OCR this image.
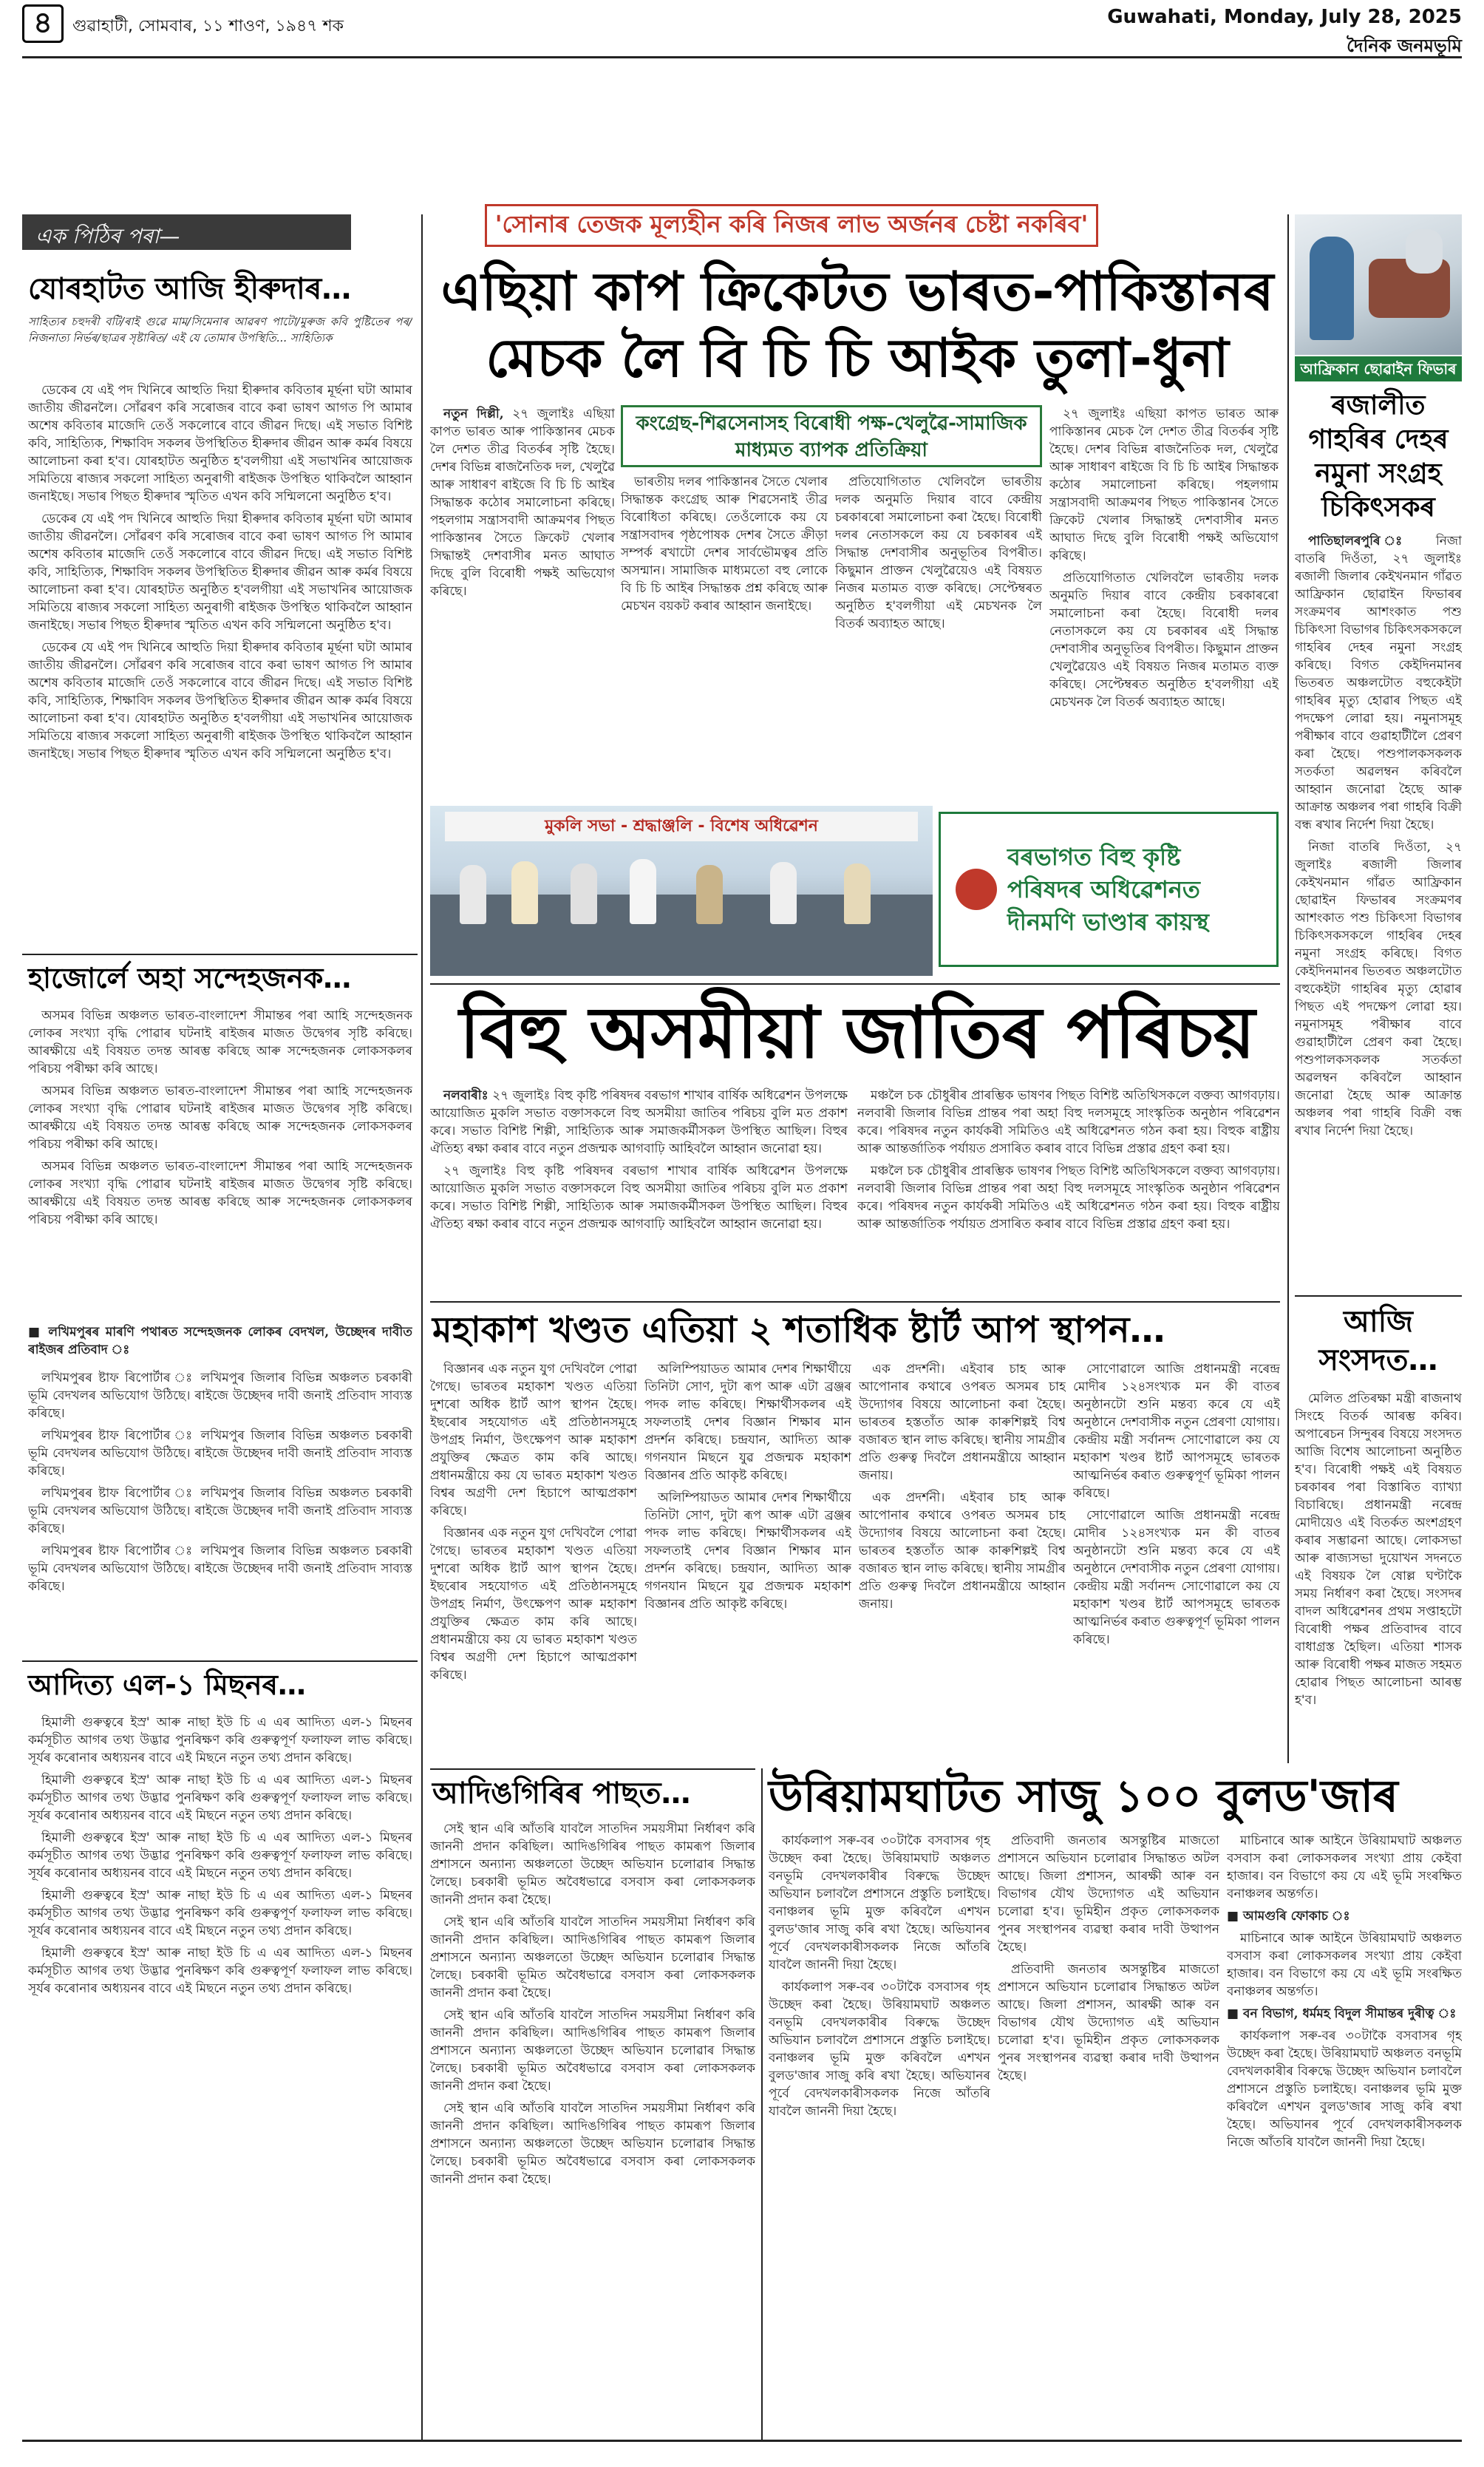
৪	গুৱাহাটী, সোমবাৰ, ১১ শাওণ, ১৯৪৭ শক	Guwahati, Monday, July 28, 2025
দৈনিক জনমভূমি
এক পিঠিৰ পৰা—
যোৰহাটত আজি হীৰুদাৰ…
সাহিত্যৰ চহুদৰী বটি/ৰাই গুৱে মাম/সিমেনাৰ আৱৰণ পাটো/মুৰুজ কবি পুষ্টিতেৰ পৰ/নিজনাত্য নিৰ্ভৰ/ছাত্ৰৰ সৃষ্টাৰিত/ এই যে তোমাৰ উপস্থিতি... সাহিত্যিক

ডেকেৰ যে এই পদ খিনিৰে আহুতি দিয়া হীৰুদাৰ কবিতাৰ মূৰ্ছনা ঘটা আমাৰ জাতীয় জীৱনলৈ। সোঁৱৰণ কৰি সৰোজৰ বাবে কৰা ভাষণ আগত পি আমাৰ অশেষ কবিতাৰ মাজেদি তেওঁ সকলোৰে বাবে জীৱন দিছে। এই সভাত বিশিষ্ট কবি, সাহিত্যিক, শিক্ষাবিদ সকলৰ উপস্থিতিত হীৰুদাৰ জীৱন আৰু কৰ্মৰ বিষয়ে আলোচনা কৰা হ'ব। যোৰহাটত অনুষ্ঠিত হ'বলগীয়া এই সভাখনিৰ আয়োজক সমিতিয়ে ৰাজ্যৰ সকলো সাহিত্য অনুৰাগী ৰাইজক উপস্থিত থাকিবলৈ আহ্বান জনাইছে। সভাৰ পিছত হীৰুদাৰ স্মৃতিত এখন কবি সন্মিলনো অনুষ্ঠিত হ'ব।

ডেকেৰ যে এই পদ খিনিৰে আহুতি দিয়া হীৰুদাৰ কবিতাৰ মূৰ্ছনা ঘটা আমাৰ জাতীয় জীৱনলৈ। সোঁৱৰণ কৰি সৰোজৰ বাবে কৰা ভাষণ আগত পি আমাৰ অশেষ কবিতাৰ মাজেদি তেওঁ সকলোৰে বাবে জীৱন দিছে। এই সভাত বিশিষ্ট কবি, সাহিত্যিক, শিক্ষাবিদ সকলৰ উপস্থিতিত হীৰুদাৰ জীৱন আৰু কৰ্মৰ বিষয়ে আলোচনা কৰা হ'ব। যোৰহাটত অনুষ্ঠিত হ'বলগীয়া এই সভাখনিৰ আয়োজক সমিতিয়ে ৰাজ্যৰ সকলো সাহিত্য অনুৰাগী ৰাইজক উপস্থিত থাকিবলৈ আহ্বান জনাইছে। সভাৰ পিছত হীৰুদাৰ স্মৃতিত এখন কবি সন্মিলনো অনুষ্ঠিত হ'ব।

ডেকেৰ যে এই পদ খিনিৰে আহুতি দিয়া হীৰুদাৰ কবিতাৰ মূৰ্ছনা ঘটা আমাৰ জাতীয় জীৱনলৈ। সোঁৱৰণ কৰি সৰোজৰ বাবে কৰা ভাষণ আগত পি আমাৰ অশেষ কবিতাৰ মাজেদি তেওঁ সকলোৰে বাবে জীৱন দিছে। এই সভাত বিশিষ্ট কবি, সাহিত্যিক, শিক্ষাবিদ সকলৰ উপস্থিতিত হীৰুদাৰ জীৱন আৰু কৰ্মৰ বিষয়ে আলোচনা কৰা হ'ব। যোৰহাটত অনুষ্ঠিত হ'বলগীয়া এই সভাখনিৰ আয়োজক সমিতিয়ে ৰাজ্যৰ সকলো সাহিত্য অনুৰাগী ৰাইজক উপস্থিত থাকিবলৈ আহ্বান জনাইছে। সভাৰ পিছত হীৰুদাৰ স্মৃতিত এখন কবি সন্মিলনো অনুষ্ঠিত হ'ব।

হাজোৰ্লে অহা সন্দেহজনক…

অসমৰ বিভিন্ন অঞ্চলত ভাৰত-বাংলাদেশ সীমান্তৰ পৰা আহি সন্দেহজনক লোকৰ সংখ্যা বৃদ্ধি পোৱাৰ ঘটনাই ৰাইজৰ মাজত উদ্বেগৰ সৃষ্টি কৰিছে। আৰক্ষীয়ে এই বিষয়ত তদন্ত আৰম্ভ কৰিছে আৰু সন্দেহজনক লোকসকলৰ পৰিচয় পৰীক্ষা কৰি আছে।

অসমৰ বিভিন্ন অঞ্চলত ভাৰত-বাংলাদেশ সীমান্তৰ পৰা আহি সন্দেহজনক লোকৰ সংখ্যা বৃদ্ধি পোৱাৰ ঘটনাই ৰাইজৰ মাজত উদ্বেগৰ সৃষ্টি কৰিছে। আৰক্ষীয়ে এই বিষয়ত তদন্ত আৰম্ভ কৰিছে আৰু সন্দেহজনক লোকসকলৰ পৰিচয় পৰীক্ষা কৰি আছে।

অসমৰ বিভিন্ন অঞ্চলত ভাৰত-বাংলাদেশ সীমান্তৰ পৰা আহি সন্দেহজনক লোকৰ সংখ্যা বৃদ্ধি পোৱাৰ ঘটনাই ৰাইজৰ মাজত উদ্বেগৰ সৃষ্টি কৰিছে। আৰক্ষীয়ে এই বিষয়ত তদন্ত আৰম্ভ কৰিছে আৰু সন্দেহজনক লোকসকলৰ পৰিচয় পৰীক্ষা কৰি আছে।

■ লখিমপুৰৰ মাৰণি পথাৰত সন্দেহজনক লোকৰ বেদখল, উচ্ছেদৰ দাবীত ৰাইজৰ প্ৰতিবাদ ঃ

লখিমপুৰৰ ষ্টাফ ৰিপোৰ্টাৰ ঃ লখিমপুৰ জিলাৰ বিভিন্ন অঞ্চলত চৰকাৰী ভূমি বেদখলৰ অভিযোগ উঠিছে। ৰাইজে উচ্ছেদৰ দাবী জনাই প্ৰতিবাদ সাব্যস্ত কৰিছে।

লখিমপুৰৰ ষ্টাফ ৰিপোৰ্টাৰ ঃ লখিমপুৰ জিলাৰ বিভিন্ন অঞ্চলত চৰকাৰী ভূমি বেদখলৰ অভিযোগ উঠিছে। ৰাইজে উচ্ছেদৰ দাবী জনাই প্ৰতিবাদ সাব্যস্ত কৰিছে।

লখিমপুৰৰ ষ্টাফ ৰিপোৰ্টাৰ ঃ লখিমপুৰ জিলাৰ বিভিন্ন অঞ্চলত চৰকাৰী ভূমি বেদখলৰ অভিযোগ উঠিছে। ৰাইজে উচ্ছেদৰ দাবী জনাই প্ৰতিবাদ সাব্যস্ত কৰিছে।

লখিমপুৰৰ ষ্টাফ ৰিপোৰ্টাৰ ঃ লখিমপুৰ জিলাৰ বিভিন্ন অঞ্চলত চৰকাৰী ভূমি বেদখলৰ অভিযোগ উঠিছে। ৰাইজে উচ্ছেদৰ দাবী জনাই প্ৰতিবাদ সাব্যস্ত কৰিছে।

আদিত্য এল-১ মিছনৰ…

হিমালী গুৰুত্বৰে ইস্ৰ' আৰু নাছা ইউ চি এ এৰ আদিত্য এল-১ মিছনৰ কৰ্মসূচীত আগৰ তথ্য উদ্ভাৱ পুনৰিক্ষণ কৰি গুৰুত্বপূৰ্ণ ফলাফল লাভ কৰিছে। সূৰ্যৰ কৰোনাৰ অধ্যয়নৰ বাবে এই মিছনে নতুন তথ্য প্ৰদান কৰিছে।

হিমালী গুৰুত্বৰে ইস্ৰ' আৰু নাছা ইউ চি এ এৰ আদিত্য এল-১ মিছনৰ কৰ্মসূচীত আগৰ তথ্য উদ্ভাৱ পুনৰিক্ষণ কৰি গুৰুত্বপূৰ্ণ ফলাফল লাভ কৰিছে। সূৰ্যৰ কৰোনাৰ অধ্যয়নৰ বাবে এই মিছনে নতুন তথ্য প্ৰদান কৰিছে।

হিমালী গুৰুত্বৰে ইস্ৰ' আৰু নাছা ইউ চি এ এৰ আদিত্য এল-১ মিছনৰ কৰ্মসূচীত আগৰ তথ্য উদ্ভাৱ পুনৰিক্ষণ কৰি গুৰুত্বপূৰ্ণ ফলাফল লাভ কৰিছে। সূৰ্যৰ কৰোনাৰ অধ্যয়নৰ বাবে এই মিছনে নতুন তথ্য প্ৰদান কৰিছে।

হিমালী গুৰুত্বৰে ইস্ৰ' আৰু নাছা ইউ চি এ এৰ আদিত্য এল-১ মিছনৰ কৰ্মসূচীত আগৰ তথ্য উদ্ভাৱ পুনৰিক্ষণ কৰি গুৰুত্বপূৰ্ণ ফলাফল লাভ কৰিছে। সূৰ্যৰ কৰোনাৰ অধ্যয়নৰ বাবে এই মিছনে নতুন তথ্য প্ৰদান কৰিছে।

হিমালী গুৰুত্বৰে ইস্ৰ' আৰু নাছা ইউ চি এ এৰ আদিত্য এল-১ মিছনৰ কৰ্মসূচীত আগৰ তথ্য উদ্ভাৱ পুনৰিক্ষণ কৰি গুৰুত্বপূৰ্ণ ফলাফল লাভ কৰিছে। সূৰ্যৰ কৰোনাৰ অধ্যয়নৰ বাবে এই মিছনে নতুন তথ্য প্ৰদান কৰিছে।

'সোনাৰ তেজক মূল্যহীন কৰি নিজৰ লাভ অৰ্জনৰ চেষ্টা নকৰিব'
এছিয়া কাপ ক্ৰিকেটত ভাৰত-পাকিস্তানৰ
মেচক লৈ বি চি চি আইক তুলা-ধুনা

নতুন দিল্লী, ২৭ জুলাইঃ এছিয়া কাপত ভাৰত আৰু পাকিস্তানৰ মেচক লৈ দেশত তীব্ৰ বিতৰ্কৰ সৃষ্টি হৈছে। দেশৰ বিভিন্ন ৰাজনৈতিক দল, খেলুৱৈ আৰু সাধাৰণ ৰাইজে বি চি চি আইৰ সিদ্ধান্তক কঠোৰ সমালোচনা কৰিছে। পহলগাম সন্ত্ৰাসবাদী আক্ৰমণৰ পিছত পাকিস্তানৰ সৈতে ক্ৰিকেট খেলাৰ সিদ্ধান্তই দেশবাসীৰ মনত আঘাত দিছে বুলি বিৰোধী পক্ষই অভিযোগ কৰিছে।

কংগ্ৰেছ-শিৱসেনাসহ বিৰোধী পক্ষ-খেলুৱৈ-সামাজিক মাধ্যমত ব্যাপক প্ৰতিক্ৰিয়া

ভাৰতীয় দলৰ পাকিস্তানৰ সৈতে খেলাৰ সিদ্ধান্তক কংগ্ৰেছ আৰু শিৱসেনাই তীব্ৰ বিৰোধিতা কৰিছে। তেওঁলোকে কয় যে সন্ত্ৰাসবাদৰ পৃষ্ঠপোষক দেশৰ সৈতে ক্ৰীড়া সম্পৰ্ক ৰখাটো দেশৰ সাৰ্বভৌমত্বৰ প্ৰতি অসন্মান। সামাজিক মাধ্যমতো বহু লোকে বি চি চি আইৰ সিদ্ধান্তক প্ৰশ্ন কৰিছে আৰু মেচখন বয়কট কৰাৰ আহ্বান জনাইছে।

প্ৰতিযোগিতাত খেলিবলৈ ভাৰতীয় দলক অনুমতি দিয়াৰ বাবে কেন্দ্ৰীয় চৰকাৰৰো সমালোচনা কৰা হৈছে। বিৰোধী দলৰ নেতাসকলে কয় যে চৰকাৰৰ এই সিদ্ধান্ত দেশবাসীৰ অনুভূতিৰ বিপৰীত। কিছুমান প্ৰাক্তন খেলুৱৈয়েও এই বিষয়ত নিজৰ মতামত ব্যক্ত কৰিছে। সেপ্টেম্বৰত অনুষ্ঠিত হ'বলগীয়া এই মেচখনক লৈ বিতৰ্ক অব্যাহত আছে।

২৭ জুলাইঃ এছিয়া কাপত ভাৰত আৰু পাকিস্তানৰ মেচক লৈ দেশত তীব্ৰ বিতৰ্কৰ সৃষ্টি হৈছে। দেশৰ বিভিন্ন ৰাজনৈতিক দল, খেলুৱৈ আৰু সাধাৰণ ৰাইজে বি চি চি আইৰ সিদ্ধান্তক কঠোৰ সমালোচনা কৰিছে। পহলগাম সন্ত্ৰাসবাদী আক্ৰমণৰ পিছত পাকিস্তানৰ সৈতে ক্ৰিকেট খেলাৰ সিদ্ধান্তই দেশবাসীৰ মনত আঘাত দিছে বুলি বিৰোধী পক্ষই অভিযোগ কৰিছে।

প্ৰতিযোগিতাত খেলিবলৈ ভাৰতীয় দলক অনুমতি দিয়াৰ বাবে কেন্দ্ৰীয় চৰকাৰৰো সমালোচনা কৰা হৈছে। বিৰোধী দলৰ নেতাসকলে কয় যে চৰকাৰৰ এই সিদ্ধান্ত দেশবাসীৰ অনুভূতিৰ বিপৰীত। কিছুমান প্ৰাক্তন খেলুৱৈয়েও এই বিষয়ত নিজৰ মতামত ব্যক্ত কৰিছে। সেপ্টেম্বৰত অনুষ্ঠিত হ'বলগীয়া এই মেচখনক লৈ বিতৰ্ক অব্যাহত আছে।

মুকলি সভা - শ্ৰদ্ধাঞ্জলি - বিশেষ অধিৱেশন
বৰভাগত বিহু কৃষ্টি পৰিষদৰ অধিৱেশনত দীনমণি ভাণ্ডাৰ কায়স্থ
বিহু অসমীয়া জাতিৰ পৰিচয়

নলবাৰীঃ ২৭ জুলাইঃ বিহু কৃষ্টি পৰিষদৰ বৰভাগ শাখাৰ বাৰ্ষিক অধিৱেশন উপলক্ষে আয়োজিত মুকলি সভাত বক্তাসকলে বিহু অসমীয়া জাতিৰ পৰিচয় বুলি মত প্ৰকাশ কৰে। সভাত বিশিষ্ট শিল্পী, সাহিত্যিক আৰু সমাজকৰ্মীসকল উপস্থিত আছিল। বিহুৰ ঐতিহ্য ৰক্ষা কৰাৰ বাবে নতুন প্ৰজন্মক আগবাঢ়ি আহিবলৈ আহ্বান জনোৱা হয়।

২৭ জুলাইঃ বিহু কৃষ্টি পৰিষদৰ বৰভাগ শাখাৰ বাৰ্ষিক অধিৱেশন উপলক্ষে আয়োজিত মুকলি সভাত বক্তাসকলে বিহু অসমীয়া জাতিৰ পৰিচয় বুলি মত প্ৰকাশ কৰে। সভাত বিশিষ্ট শিল্পী, সাহিত্যিক আৰু সমাজকৰ্মীসকল উপস্থিত আছিল। বিহুৰ ঐতিহ্য ৰক্ষা কৰাৰ বাবে নতুন প্ৰজন্মক আগবাঢ়ি আহিবলৈ আহ্বান জনোৱা হয়।

মঞ্চলৈ চক চৌধুৰীৰ প্ৰাৰম্ভিক ভাষণৰ পিছত বিশিষ্ট অতিথিসকলে বক্তব্য আগবঢ়ায়। নলবাৰী জিলাৰ বিভিন্ন প্ৰান্তৰ পৰা অহা বিহু দলসমূহে সাংস্কৃতিক অনুষ্ঠান পৰিৱেশন কৰে। পৰিষদৰ নতুন কাৰ্যকৰী সমিতিও এই অধিৱেশনত গঠন কৰা হয়। বিহুক ৰাষ্ট্ৰীয় আৰু আন্তৰ্জাতিক পৰ্যায়ত প্ৰসাৰিত কৰাৰ বাবে বিভিন্ন প্ৰস্তাৱ গ্ৰহণ কৰা হয়।

মঞ্চলৈ চক চৌধুৰীৰ প্ৰাৰম্ভিক ভাষণৰ পিছত বিশিষ্ট অতিথিসকলে বক্তব্য আগবঢ়ায়। নলবাৰী জিলাৰ বিভিন্ন প্ৰান্তৰ পৰা অহা বিহু দলসমূহে সাংস্কৃতিক অনুষ্ঠান পৰিৱেশন কৰে। পৰিষদৰ নতুন কাৰ্যকৰী সমিতিও এই অধিৱেশনত গঠন কৰা হয়। বিহুক ৰাষ্ট্ৰীয় আৰু আন্তৰ্জাতিক পৰ্যায়ত প্ৰসাৰিত কৰাৰ বাবে বিভিন্ন প্ৰস্তাৱ গ্ৰহণ কৰা হয়।

মহাকাশ খণ্ডত এতিয়া ২ শতাধিক ষ্টাৰ্ট আপ স্থাপন…

বিজ্ঞানৰ এক নতুন যুগ দেখিবলৈ পোৱা গৈছে। ভাৰতৰ মহাকাশ খণ্ডত এতিয়া দুশৰো অধিক ষ্টাৰ্ট আপ স্থাপন হৈছে। ইছৰোৰ সহযোগত এই প্ৰতিষ্ঠানসমূহে উপগ্ৰহ নিৰ্মাণ, উৎক্ষেপণ আৰু মহাকাশ প্ৰযুক্তিৰ ক্ষেত্ৰত কাম কৰি আছে। প্ৰধানমন্ত্ৰীয়ে কয় যে ভাৰত মহাকাশ খণ্ডত বিশ্বৰ অগ্ৰণী দেশ হিচাপে আত্মপ্ৰকাশ কৰিছে।

বিজ্ঞানৰ এক নতুন যুগ দেখিবলৈ পোৱা গৈছে। ভাৰতৰ মহাকাশ খণ্ডত এতিয়া দুশৰো অধিক ষ্টাৰ্ট আপ স্থাপন হৈছে। ইছৰোৰ সহযোগত এই প্ৰতিষ্ঠানসমূহে উপগ্ৰহ নিৰ্মাণ, উৎক্ষেপণ আৰু মহাকাশ প্ৰযুক্তিৰ ক্ষেত্ৰত কাম কৰি আছে। প্ৰধানমন্ত্ৰীয়ে কয় যে ভাৰত মহাকাশ খণ্ডত বিশ্বৰ অগ্ৰণী দেশ হিচাপে আত্মপ্ৰকাশ কৰিছে।

অলিম্পিয়াডত আমাৰ দেশৰ শিক্ষাৰ্থীয়ে তিনিটা সোণ, দুটা ৰূপ আৰু এটা ব্ৰঞ্জৰ পদক লাভ কৰিছে। শিক্ষাৰ্থীসকলৰ এই সফলতাই দেশৰ বিজ্ঞান শিক্ষাৰ মান প্ৰদৰ্শন কৰিছে। চন্দ্ৰযান, আদিত্য আৰু গগনযান মিছনে যুৱ প্ৰজন্মক মহাকাশ বিজ্ঞানৰ প্ৰতি আকৃষ্ট কৰিছে।

অলিম্পিয়াডত আমাৰ দেশৰ শিক্ষাৰ্থীয়ে তিনিটা সোণ, দুটা ৰূপ আৰু এটা ব্ৰঞ্জৰ পদক লাভ কৰিছে। শিক্ষাৰ্থীসকলৰ এই সফলতাই দেশৰ বিজ্ঞান শিক্ষাৰ মান প্ৰদৰ্শন কৰিছে। চন্দ্ৰযান, আদিত্য আৰু গগনযান মিছনে যুৱ প্ৰজন্মক মহাকাশ বিজ্ঞানৰ প্ৰতি আকৃষ্ট কৰিছে।

এক প্ৰদৰ্শনী। এইবাৰ চাহ আৰু আপোনাৰ কথাৰে ওপৰত অসমৰ চাহ উদ্যোগৰ বিষয়ে আলোচনা কৰা হৈছে। ভাৰতৰ হস্ততাঁত আৰু কাৰুশিল্পই বিশ্ব বজাৰত স্থান লাভ কৰিছে। স্থানীয় সামগ্ৰীৰ প্ৰতি গুৰুত্ব দিবলৈ প্ৰধানমন্ত্ৰীয়ে আহ্বান জনায়।

এক প্ৰদৰ্শনী। এইবাৰ চাহ আৰু আপোনাৰ কথাৰে ওপৰত অসমৰ চাহ উদ্যোগৰ বিষয়ে আলোচনা কৰা হৈছে। ভাৰতৰ হস্ততাঁত আৰু কাৰুশিল্পই বিশ্ব বজাৰত স্থান লাভ কৰিছে। স্থানীয় সামগ্ৰীৰ প্ৰতি গুৰুত্ব দিবলৈ প্ৰধানমন্ত্ৰীয়ে আহ্বান জনায়।

সোণোৱালে আজি প্ৰধানমন্ত্ৰী নৰেন্দ্ৰ মোদীৰ ১২৪সংখ্যক মন কী বাতৰ অনুষ্ঠানটো শুনি মন্তব্য কৰে যে এই অনুষ্ঠানে দেশবাসীক নতুন প্ৰেৰণা যোগায়। কেন্দ্ৰীয় মন্ত্ৰী সৰ্বানন্দ সোণোৱালে কয় যে মহাকাশ খণ্ডৰ ষ্টাৰ্ট আপসমূহে ভাৰতক আত্মনিৰ্ভৰ কৰাত গুৰুত্বপূৰ্ণ ভূমিকা পালন কৰিছে।

সোণোৱালে আজি প্ৰধানমন্ত্ৰী নৰেন্দ্ৰ মোদীৰ ১২৪সংখ্যক মন কী বাতৰ অনুষ্ঠানটো শুনি মন্তব্য কৰে যে এই অনুষ্ঠানে দেশবাসীক নতুন প্ৰেৰণা যোগায়। কেন্দ্ৰীয় মন্ত্ৰী সৰ্বানন্দ সোণোৱালে কয় যে মহাকাশ খণ্ডৰ ষ্টাৰ্ট আপসমূহে ভাৰতক আত্মনিৰ্ভৰ কৰাত গুৰুত্বপূৰ্ণ ভূমিকা পালন কৰিছে।

আদিঙগিৰিৰ পাছত…

সেই স্থান এৰি আঁতৰি যাবলৈ সাতদিন সময়সীমা নিৰ্ধাৰণ কৰি জাননী প্ৰদান কৰিছিল। আদিঙগিৰিৰ পাছত কামৰূপ জিলাৰ প্ৰশাসনে অন্যান্য অঞ্চলতো উচ্ছেদ অভিযান চলোৱাৰ সিদ্ধান্ত লৈছে। চৰকাৰী ভূমিত অবৈধভাৱে বসবাস কৰা লোকসকলক জাননী প্ৰদান কৰা হৈছে।

সেই স্থান এৰি আঁতৰি যাবলৈ সাতদিন সময়সীমা নিৰ্ধাৰণ কৰি জাননী প্ৰদান কৰিছিল। আদিঙগিৰিৰ পাছত কামৰূপ জিলাৰ প্ৰশাসনে অন্যান্য অঞ্চলতো উচ্ছেদ অভিযান চলোৱাৰ সিদ্ধান্ত লৈছে। চৰকাৰী ভূমিত অবৈধভাৱে বসবাস কৰা লোকসকলক জাননী প্ৰদান কৰা হৈছে।

সেই স্থান এৰি আঁতৰি যাবলৈ সাতদিন সময়সীমা নিৰ্ধাৰণ কৰি জাননী প্ৰদান কৰিছিল। আদিঙগিৰিৰ পাছত কামৰূপ জিলাৰ প্ৰশাসনে অন্যান্য অঞ্চলতো উচ্ছেদ অভিযান চলোৱাৰ সিদ্ধান্ত লৈছে। চৰকাৰী ভূমিত অবৈধভাৱে বসবাস কৰা লোকসকলক জাননী প্ৰদান কৰা হৈছে।

সেই স্থান এৰি আঁতৰি যাবলৈ সাতদিন সময়সীমা নিৰ্ধাৰণ কৰি জাননী প্ৰদান কৰিছিল। আদিঙগিৰিৰ পাছত কামৰূপ জিলাৰ প্ৰশাসনে অন্যান্য অঞ্চলতো উচ্ছেদ অভিযান চলোৱাৰ সিদ্ধান্ত লৈছে। চৰকাৰী ভূমিত অবৈধভাৱে বসবাস কৰা লোকসকলক জাননী প্ৰদান কৰা হৈছে।

উৰিয়ামঘাটত সাজু ১০০ বুলড'জাৰ

কাৰ্যকলাপ সৰু-বৰ ৩০টাকৈ বসবাসৰ গৃহ উচ্ছেদ কৰা হৈছে। উৰিয়ামঘাট অঞ্চলত বনভূমি বেদখলকাৰীৰ বিৰুদ্ধে উচ্ছেদ অভিযান চলাবলৈ প্ৰশাসনে প্ৰস্তুতি চলাইছে। বনাঞ্চলৰ ভূমি মুক্ত কৰিবলৈ এশখন বুলড'জাৰ সাজু কৰি ৰখা হৈছে। অভিযানৰ পূৰ্বে বেদখলকাৰীসকলক নিজে আঁতৰি যাবলৈ জাননী দিয়া হৈছে।

কাৰ্যকলাপ সৰু-বৰ ৩০টাকৈ বসবাসৰ গৃহ উচ্ছেদ কৰা হৈছে। উৰিয়ামঘাট অঞ্চলত বনভূমি বেদখলকাৰীৰ বিৰুদ্ধে উচ্ছেদ অভিযান চলাবলৈ প্ৰশাসনে প্ৰস্তুতি চলাইছে। বনাঞ্চলৰ ভূমি মুক্ত কৰিবলৈ এশখন বুলড'জাৰ সাজু কৰি ৰখা হৈছে। অভিযানৰ পূৰ্বে বেদখলকাৰীসকলক নিজে আঁতৰি যাবলৈ জাননী দিয়া হৈছে।

প্ৰতিবাদী জনতাৰ অসন্তুষ্টিৰ মাজতো প্ৰশাসনে অভিযান চলোৱাৰ সিদ্ধান্তত অটল আছে। জিলা প্ৰশাসন, আৰক্ষী আৰু বন বিভাগৰ যৌথ উদ্যোগত এই অভিযান চলোৱা হ'ব। ভূমিহীন প্ৰকৃত লোকসকলক পুনৰ সংস্থাপনৰ ব্যৱস্থা কৰাৰ দাবী উত্থাপন হৈছে।

প্ৰতিবাদী জনতাৰ অসন্তুষ্টিৰ মাজতো প্ৰশাসনে অভিযান চলোৱাৰ সিদ্ধান্তত অটল আছে। জিলা প্ৰশাসন, আৰক্ষী আৰু বন বিভাগৰ যৌথ উদ্যোগত এই অভিযান চলোৱা হ'ব। ভূমিহীন প্ৰকৃত লোকসকলক পুনৰ সংস্থাপনৰ ব্যৱস্থা কৰাৰ দাবী উত্থাপন হৈছে।

মাচিনাৰে আৰু আইনে উৰিয়ামঘাট অঞ্চলত বসবাস কৰা লোকসকলৰ সংখ্যা প্ৰায় কেইবা হাজাৰ। বন বিভাগে কয় যে এই ভূমি সংৰক্ষিত বনাঞ্চলৰ অন্তৰ্গত।

■ আমগুৰি ফোকাচ ঃ

মাচিনাৰে আৰু আইনে উৰিয়ামঘাট অঞ্চলত বসবাস কৰা লোকসকলৰ সংখ্যা প্ৰায় কেইবা হাজাৰ। বন বিভাগে কয় যে এই ভূমি সংৰক্ষিত বনাঞ্চলৰ অন্তৰ্গত।

■ বন বিভাগ, ধৰ্মমহ বিদুল সীমান্তৰ দুৰীত্ব ঃ

কাৰ্যকলাপ সৰু-বৰ ৩০টাকৈ বসবাসৰ গৃহ উচ্ছেদ কৰা হৈছে। উৰিয়ামঘাট অঞ্চলত বনভূমি বেদখলকাৰীৰ বিৰুদ্ধে উচ্ছেদ অভিযান চলাবলৈ প্ৰশাসনে প্ৰস্তুতি চলাইছে। বনাঞ্চলৰ ভূমি মুক্ত কৰিবলৈ এশখন বুলড'জাৰ সাজু কৰি ৰখা হৈছে। অভিযানৰ পূৰ্বে বেদখলকাৰীসকলক নিজে আঁতৰি যাবলৈ জাননী দিয়া হৈছে।

আফ্ৰিকান ছোৱাইন ফিভাৰ
ৰজালীত গাহৰিৰ দেহৰ নমুনা সংগ্ৰহ চিকিৎসকৰ

পাতিছালৰপুৰি ঃ নিজা বাতৰি দিওঁতা, ২৭ জুলাইঃ ৰজালী জিলাৰ কেইখনমান গাঁৱত আফ্ৰিকান ছোৱাইন ফিভাৰৰ সংক্ৰমণৰ আশংকাত পশু চিকিৎসা বিভাগৰ চিকিৎসকসকলে গাহৰিৰ দেহৰ নমুনা সংগ্ৰহ কৰিছে। বিগত কেইদিনমানৰ ভিতৰত অঞ্চলটোত বহুকেইটা গাহৰিৰ মৃত্যু হোৱাৰ পিছত এই পদক্ষেপ লোৱা হয়। নমুনাসমূহ পৰীক্ষাৰ বাবে গুৱাহাটীলৈ প্ৰেৰণ কৰা হৈছে। পশুপালকসকলক সতৰ্কতা অৱলম্বন কৰিবলৈ আহ্বান জনোৱা হৈছে আৰু আক্ৰান্ত অঞ্চলৰ পৰা গাহৰি বিক্ৰী বন্ধ ৰখাৰ নিৰ্দেশ দিয়া হৈছে।

নিজা বাতৰি দিওঁতা, ২৭ জুলাইঃ ৰজালী জিলাৰ কেইখনমান গাঁৱত আফ্ৰিকান ছোৱাইন ফিভাৰৰ সংক্ৰমণৰ আশংকাত পশু চিকিৎসা বিভাগৰ চিকিৎসকসকলে গাহৰিৰ দেহৰ নমুনা সংগ্ৰহ কৰিছে। বিগত কেইদিনমানৰ ভিতৰত অঞ্চলটোত বহুকেইটা গাহৰিৰ মৃত্যু হোৱাৰ পিছত এই পদক্ষেপ লোৱা হয়। নমুনাসমূহ পৰীক্ষাৰ বাবে গুৱাহাটীলৈ প্ৰেৰণ কৰা হৈছে। পশুপালকসকলক সতৰ্কতা অৱলম্বন কৰিবলৈ আহ্বান জনোৱা হৈছে আৰু আক্ৰান্ত অঞ্চলৰ পৰা গাহৰি বিক্ৰী বন্ধ ৰখাৰ নিৰ্দেশ দিয়া হৈছে।

আজি সংসদত…

মেলিত প্ৰতিৰক্ষা মন্ত্ৰী ৰাজনাথ সিংহে বিতৰ্ক আৰম্ভ কৰিব। অপাৰেচন সিন্দুৰৰ বিষয়ে সংসদত আজি বিশেষ আলোচনা অনুষ্ঠিত হ'ব। বিৰোধী পক্ষই এই বিষয়ত চৰকাৰৰ পৰা বিস্তাৰিত ব্যাখ্যা বিচাৰিছে। প্ৰধানমন্ত্ৰী নৰেন্দ্ৰ মোদীয়েও এই বিতৰ্কত অংশগ্ৰহণ কৰাৰ সম্ভাৱনা আছে। লোকসভা আৰু ৰাজ্যসভা দুয়োখন সদনতে এই বিষয়ক লৈ ষোল্ল ঘণ্টাকৈ সময় নিৰ্ধাৰণ কৰা হৈছে। সংসদৰ বাদল অধিৱেশনৰ প্ৰথম সপ্তাহটো বিৰোধী পক্ষৰ প্ৰতিবাদৰ বাবে বাধাগ্ৰস্ত হৈছিল। এতিয়া শাসক আৰু বিৰোধী পক্ষৰ মাজত সহমত হোৱাৰ পিছত আলোচনা আৰম্ভ হ'ব।
